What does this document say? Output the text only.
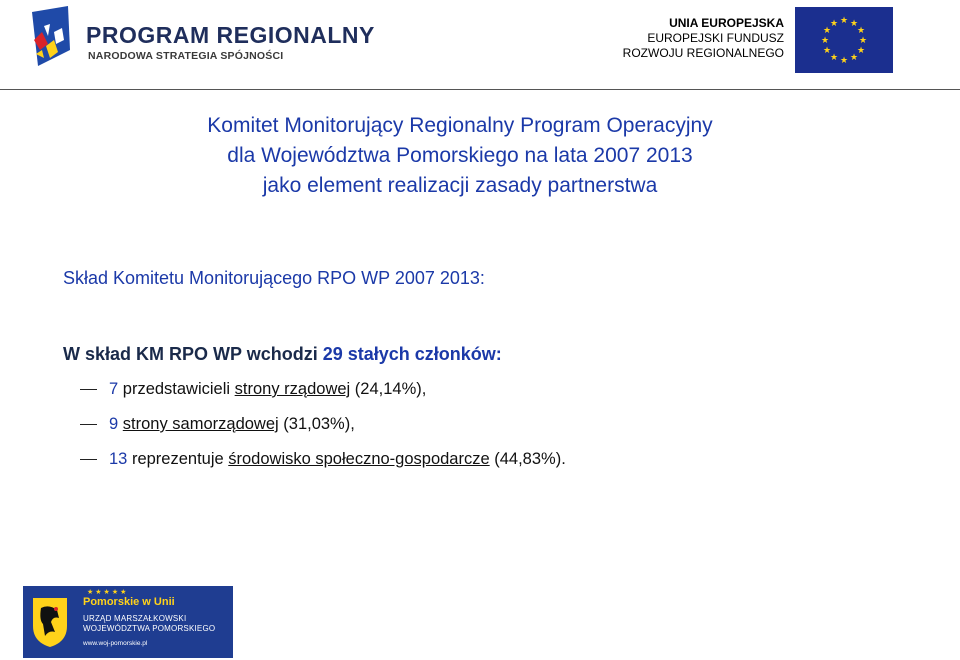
PROGRAM REGIONALNY
NARODOWA STRATEGIA SPÓJNOŚCI
UNIA EUROPEJSKA
EUROPEJSKI FUNDUSZ
ROZWOJU REGIONALNEGO
★ ★
★
★
★
★
★
★
★
★
★
★
Komitet Monitorujący Regionalny Program Operacyjny
dla Województwa Pomorskiego na lata 2007 2013
jako element realizacji zasady partnerstwa
Skład Komitetu Monitorującego RPO WP 2007 2013:
W skład KM RPO WP wchodzi 29 stałych członków:
7 przedstawicieli strony rządowej (24,14%),
9 strony samorządowej (31,03%),
13 reprezentuje środowisko społeczno-gospodarcze (44,83%).
★★★★★
Pomorskie w Unii
URZĄD MARSZAŁKOWSKI
WOJEWÓDZTWA POMORSKIEGO
www.woj-pomorskie.pl
